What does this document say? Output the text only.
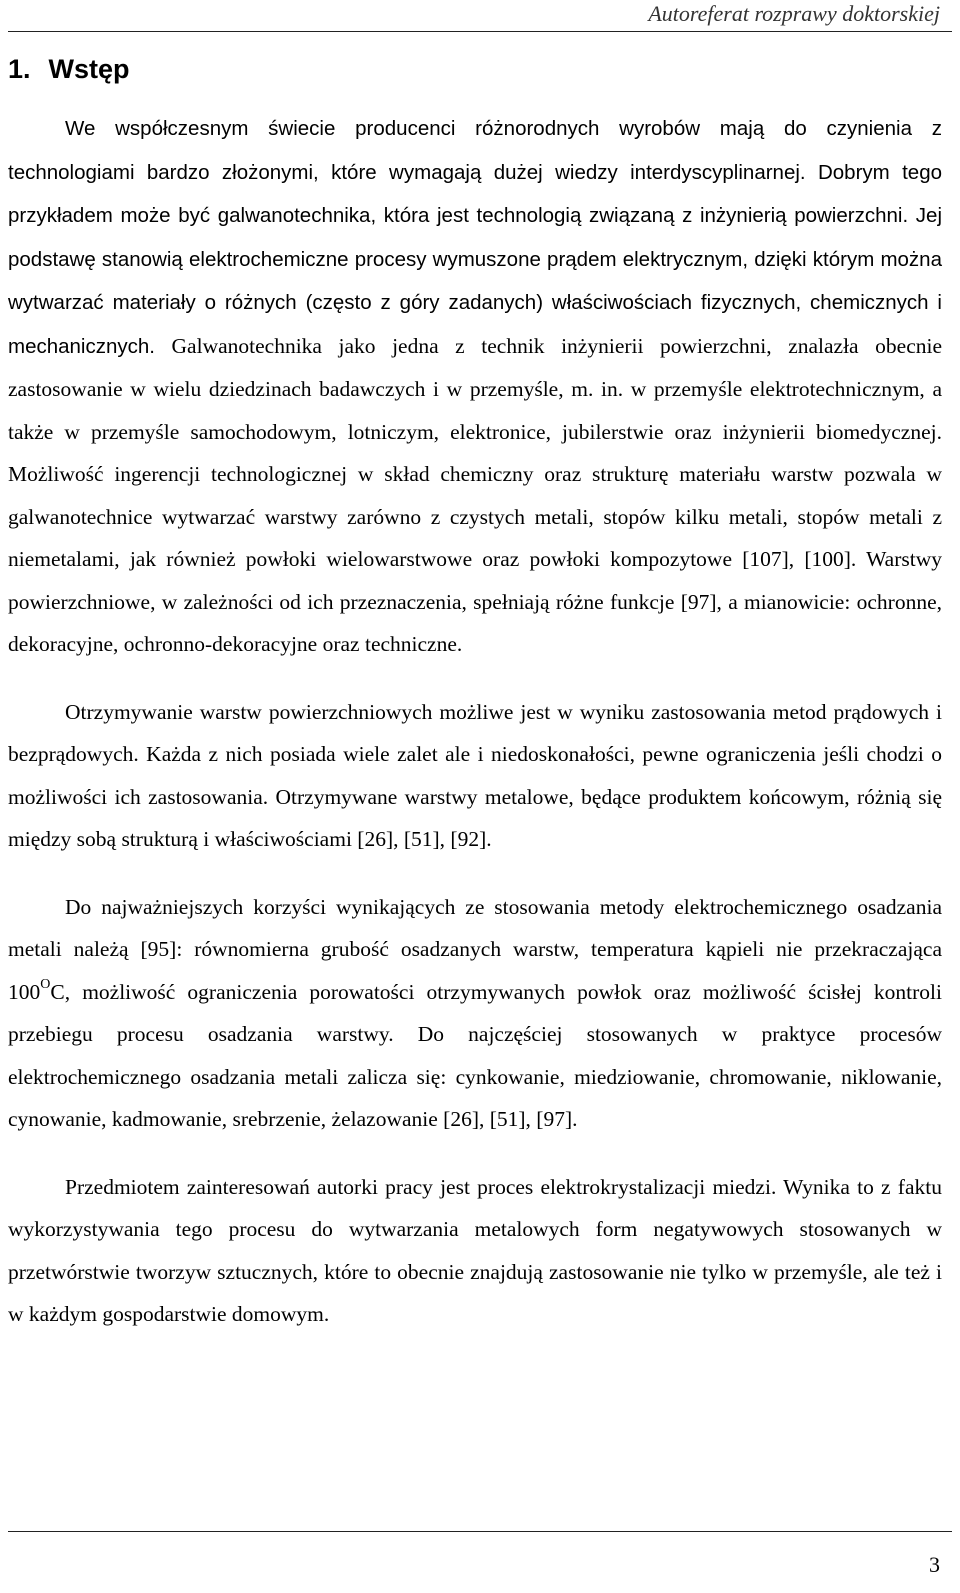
Autoreferat rozprawy doktorskiej
1. Wstęp

We współczesnym świecie producenci różnorodnych wyrobów mają do czynienia z technologiami bardzo złożonymi, które wymagają dużej wiedzy interdyscyplinarnej. Dobrym tego przykładem może być galwanotechnika, która jest technologią związaną z inżynierią powierzchni. Jej podstawę stanowią elektrochemiczne procesy wymuszone prądem elektrycznym, dzięki którym można wytwarzać materiały o różnych (często z góry zadanych) właściwościach fizycznych, chemicznych i mechanicznych. Galwanotechnika jako jedna z technik inżynierii powierzchni, znalazła obecnie zastosowanie w wielu dziedzinach badawczych i w przemyśle, m. in. w przemyśle elektrotechnicznym, a także w przemyśle samochodowym, lotniczym, elektronice, jubilerstwie oraz inżynierii biomedycznej. Możliwość ingerencji technologicznej w skład chemiczny oraz strukturę materiału warstw pozwala w galwanotechnice wytwarzać warstwy zarówno z czystych metali, stopów kilku metali, stopów metali z niemetalami, jak również powłoki wielowarstwowe oraz powłoki kompozytowe [107], [100]. Warstwy powierzchniowe, w zależności od ich przeznaczenia, spełniają różne funkcje [97], a mianowicie: ochronne, dekoracyjne, ochronno-dekoracyjne oraz techniczne.

Otrzymywanie warstw powierzchniowych możliwe jest w wyniku zastosowania metod prądowych i bezprądowych. Każda z nich posiada wiele zalet ale i niedoskonałości, pewne ograniczenia jeśli chodzi o możliwości ich zastosowania. Otrzymywane warstwy metalowe, będące produktem końcowym, różnią się między sobą strukturą i właściwościami [26], [51], [92].

Do najważniejszych korzyści wynikających ze stosowania metody elektrochemicznego osadzania metali należą [95]: równomierna grubość osadzanych warstw, temperatura kąpieli nie przekraczająca $100^OC$, możliwość ograniczenia porowatości otrzymywanych powłok oraz możliwość ścisłej kontroli przebiegu procesu osadzania warstwy. Do najczęściej stosowanych w praktyce procesów elektrochemicznego osadzania metali zalicza się: cynkowanie, miedziowanie, chromowanie, niklowanie, cynowanie, kadmowanie, srebrzenie, żelazowanie [26], [51], [97].

Przedmiotem zainteresowań autorki pracy jest proces elektrokrystalizacji miedzi. Wynika to z faktu wykorzystywania tego procesu do wytwarzania metalowych form negatywowych stosowanych w przetwórstwie tworzyw sztucznych, które to obecnie znajdują zastosowanie nie tylko w przemyśle, ale też i w każdym gospodarstwie domowym.

3
